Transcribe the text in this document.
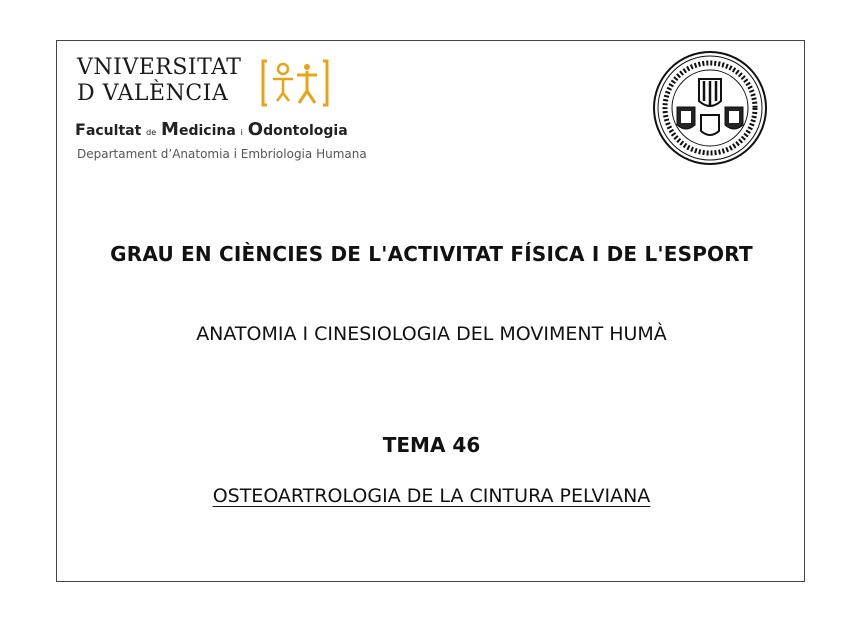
VNIVERSITAT
D VALÈNCIA
Facultat de Medicina i Odontologia
Departament d’Anatomia i Embriologia Humana
GRAU EN CIÈNCIES DE L'ACTIVITAT FÍSICA I DE L'ESPORT
ANATOMIA I CINESIOLOGIA DEL MOVIMENT HUMÀ
TEMA 46
OSTEOARTROLOGIA DE LA CINTURA PELVIANA
